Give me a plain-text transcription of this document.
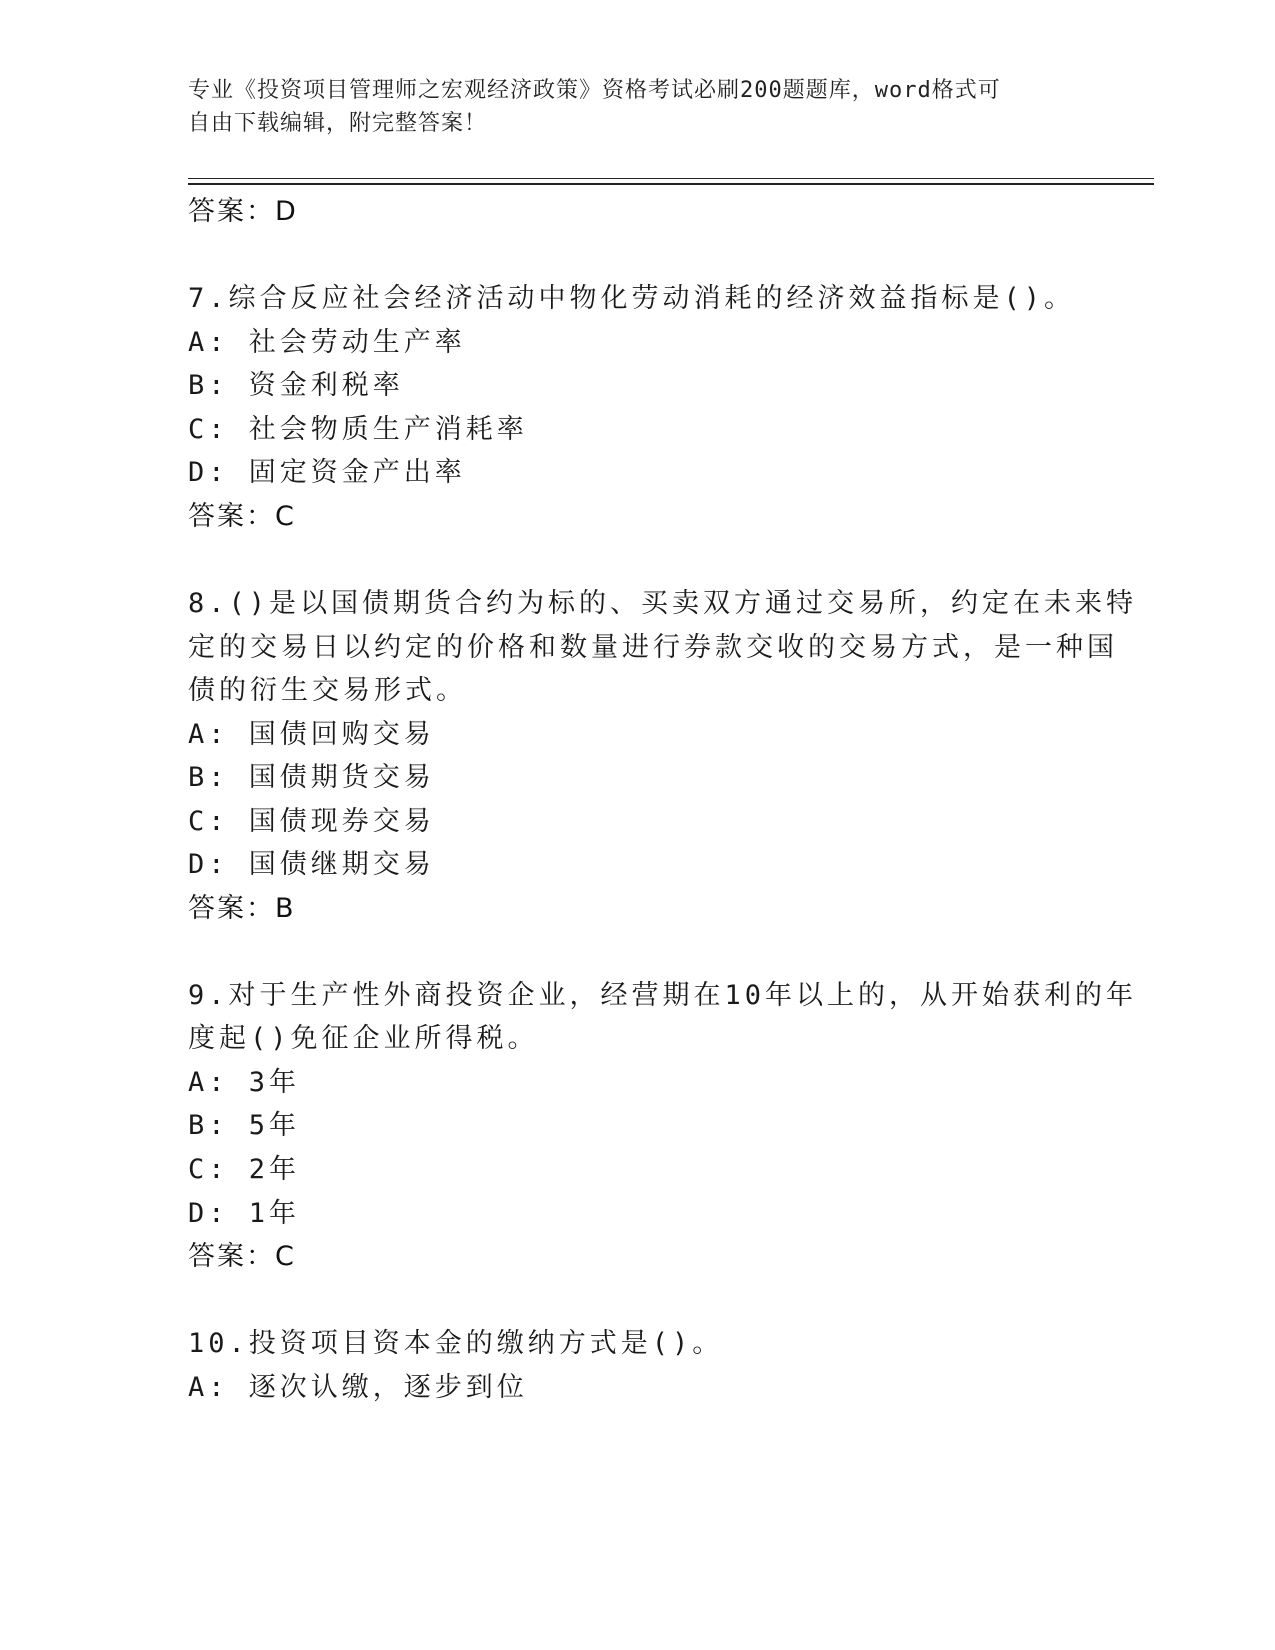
专业《投资项目管理师之宏观经济政策》资格考试必刷200题题库，word格式可
自由下载编辑，附完整答案！
答案：D
7.综合反应社会经济活动中物化劳动消耗的经济效益指标是()。
A: 社会劳动生产率
B: 资金利税率
C: 社会物质生产消耗率
D: 固定资金产出率
答案：C
8.()是以国债期货合约为标的、买卖双方通过交易所，约定在未来特
定的交易日以约定的价格和数量进行券款交收的交易方式，是一种国
债的衍生交易形式。
A: 国债回购交易
B: 国债期货交易
C: 国债现券交易
D: 国债继期交易
答案：B
9.对于生产性外商投资企业，经营期在10年以上的，从开始获利的年
度起()免征企业所得税。
A: 3年
B: 5年
C: 2年
D: 1年
答案：C
10.投资项目资本金的缴纳方式是()。
A: 逐次认缴，逐步到位
